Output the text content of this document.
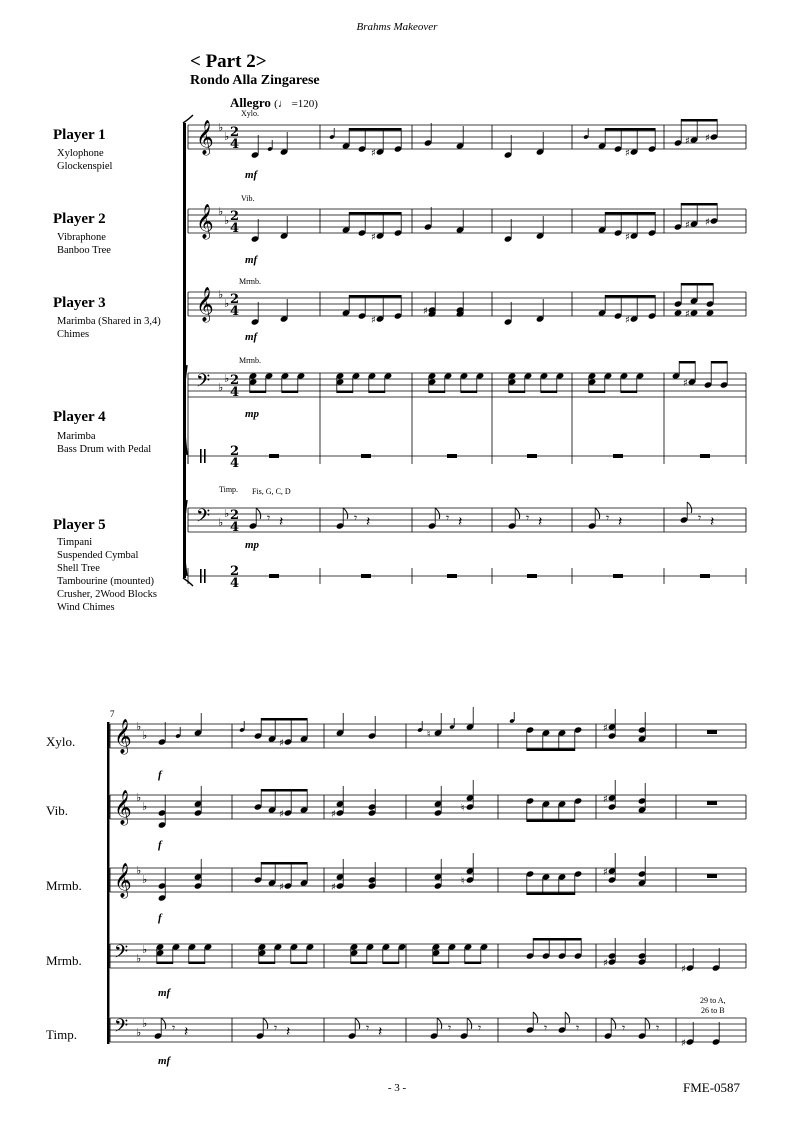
Brahms Makeover
< Part 2>
Rondo Alla Zingarese
Allegro (♩ =120)
Player 1
Xylophone
Glockenspiel
Player 2
Vibraphone
Banboo Tree
Player 3
Marimba (Shared in 3,4)
Chimes
Player 4
Marimba
Bass Drum with Pedal
Player 5
Timpani
Suspended Cymbal
Shell Tree
Tambourine (mounted)
Crusher, 2Wood Blocks
Wind Chimes
Xylo.
Vib.
Mrmb.
Mrmb.
Timp. Fis, G, C, D
mf
mf
mf
mp
mp
7
Xylo.
Vib.
Mrmb.
Mrmb.
Timp.
f
f
f
mf
mf
29 to A,
26 to B
- 3 -	FME-0587
𝄞 ♭
♭ 2
4
𝄞 ♭
♭ 2
4
𝄞 ♭
♭ 2
4
𝄢 ♭
♭ 2
4
𝄢 ♭
♭ 2
4
2
4
2
4
♯	♯
♯ ♯
♯	♯
♯ ♯
♯
♯
♯
♯
♯
𝄾 𝄽	𝄾 𝄽	𝄾 𝄽	𝄾 𝄽	𝄾 𝄽	𝄾 𝄽
𝄞 ♭
♭
𝄞 ♭
♭
𝄞 ♭
♭
𝄢 ♭
♭
𝄢 ♭
♭
♯
♮
♯
♯	♯
♮
♯
♯	♯
♮
♯
♯
♯
𝄾 𝄽	𝄾 𝄽	𝄾 𝄽	𝄾 𝄾	𝄾 𝄾	𝄾	𝄾
♯
